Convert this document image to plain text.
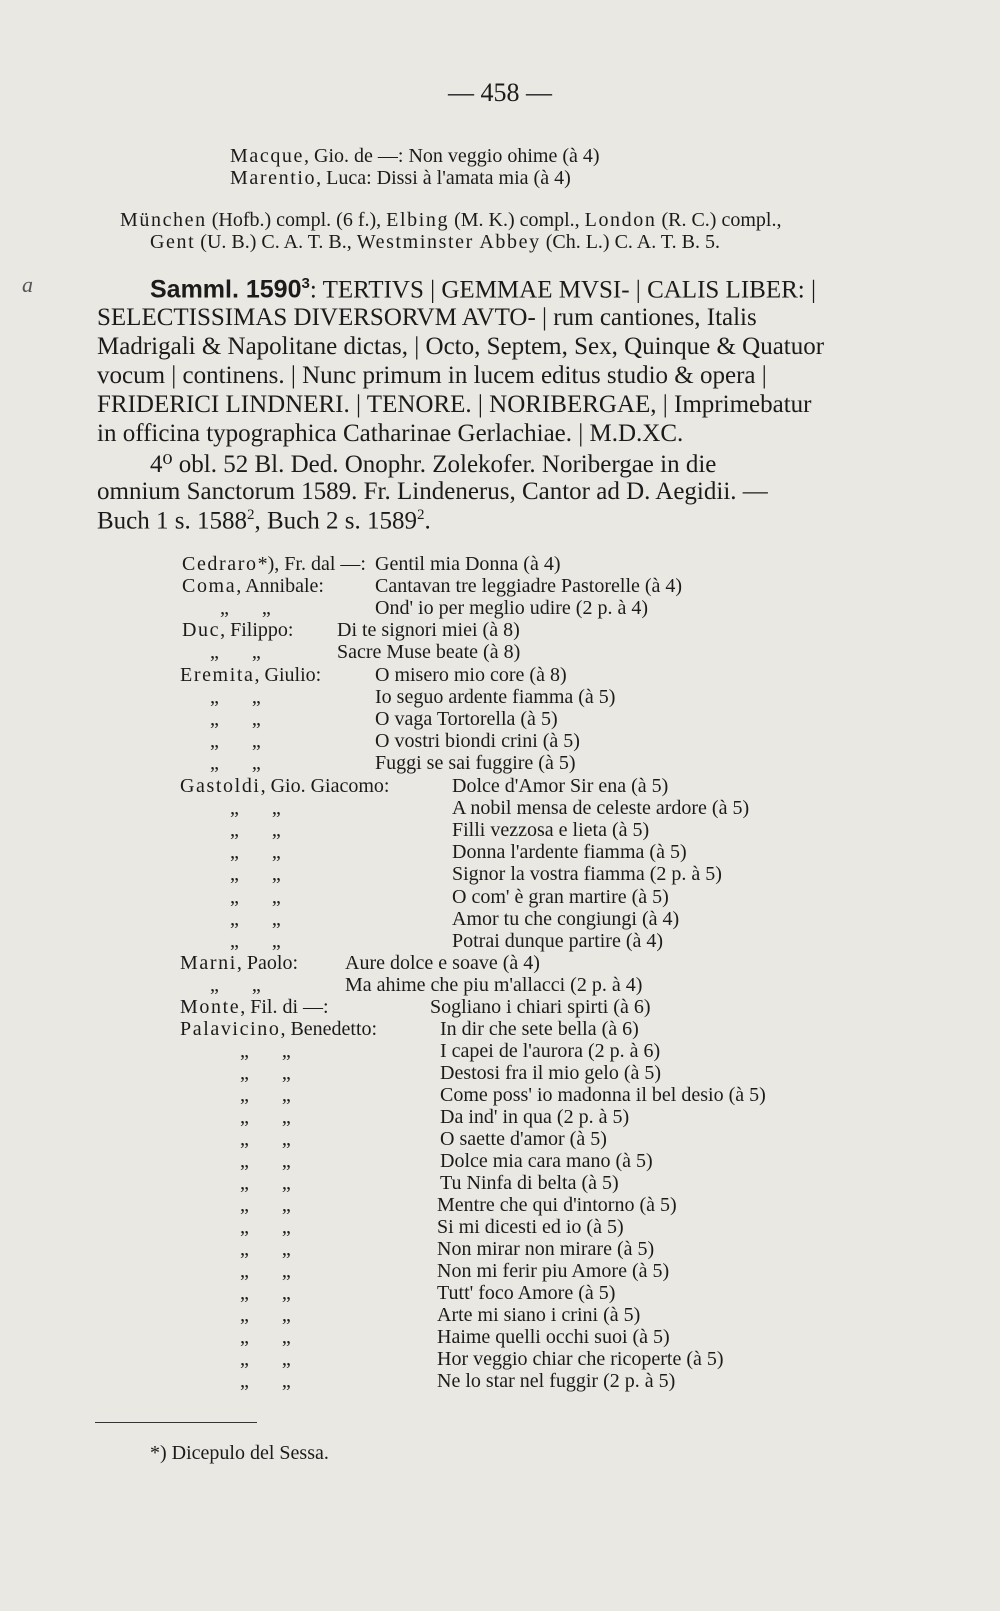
— 458 —
a
Macque, Gio. de —: Non veggio ohime (à 4)
Marentio, Luca: Dissi à l'amata mia (à 4)
München (Hofb.) compl. (6 f.), Elbing (M. K.) compl., London (R. C.) compl.,
Gent (U. B.) C. A. T. B., Westminster Abbey (Ch. L.) C. A. T. B. 5.
Samml. 1590$^3$: TERTIVS | GEMMAE MVSI- | CALIS LIBER: |
SELECTISSIMAS DIVERSORVM AVTO- | rum cantiones, Italis
Madrigali & Napolitane dictas, | Octo, Septem, Sex, Quinque & Quatuor
vocum | continens. | Nunc primum in lucem editus studio & opera |
FRIDERICI LINDNERI. | TENORE. | NORIBERGAE, | Imprimebatur
in officina typographica Catharinae Gerlachiae. | M.D.XC.
4⁰ obl. 52 Bl. Ded. Onophr. Zolekofer. Noribergae in die
omnium Sanctorum 1589. Fr. Lindenerus, Cantor ad D. Aegidii. —
Buch 1 s. 1588$^2$, Buch 2 s. 1589$^2$.
Cedraro*), Fr. dal —: Gentil mia Donna (à 4)
Coma, Annibale:	Cantavan tre leggiadre Pastorelle (à 4)
„ „	Ond' io per meglio udire (2 p. à 4)
Duc, Filippo: Di te signori miei (à 8)
„ „	Sacre Muse beate (à 8)
Eremita, Giulio:	O misero mio core (à 8)
„ „	Io seguo ardente fiamma (à 5)
„ „	O vaga Tortorella (à 5)
„ „	O vostri biondi crini (à 5)
„ „	Fuggi se sai fuggire (à 5)
Gastoldi, Gio. Giacomo:	Dolce d'Amor Sir ena (à 5)
„ „	A nobil mensa de celeste ardore (à 5)
„ „	Filli vezzosa e lieta (à 5)
„ „	Donna l'ardente fiamma (à 5)
„ „	Signor la vostra fiamma (2 p. à 5)
„ „	O com' è gran martire (à 5)
„ „	Amor tu che congiungi (à 4)
„ „	Potrai dunque partire (à 4)
Marni, Paolo: Aure dolce e soave (à 4)
„ „	Ma ahime che piu m'allacci (2 p. à 4)
Monte, Fil. di —:	Sogliano i chiari spirti (à 6)
Palavicino, Benedetto:	In dir che sete bella (à 6)
„ „	I capei de l'aurora (2 p. à 6)
„ „	Destosi fra il mio gelo (à 5)
„ „	Come poss' io madonna il bel desio (à 5)
„ „	Da ind' in qua (2 p. à 5)
„ „	O saette d'amor (à 5)
„ „	Dolce mia cara mano (à 5)
„ „	Tu Ninfa di belta (à 5)
„ „	Mentre che qui d'intorno (à 5)
„ „	Si mi dicesti ed io (à 5)
„ „	Non mirar non mirare (à 5)
„ „	Non mi ferir piu Amore (à 5)
„ „	Tutt' foco Amore (à 5)
„ „	Arte mi siano i crini (à 5)
„ „	Haime quelli occhi suoi (à 5)
„ „	Hor veggio chiar che ricoperte (à 5)
„ „	Ne lo star nel fuggir (2 p. à 5)
*) Dicepulo del Sessa.
